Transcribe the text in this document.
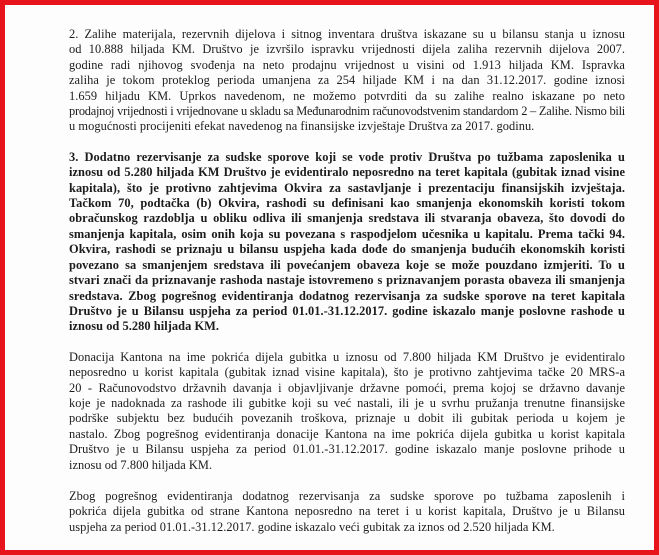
2. Zalihe materijala, rezervnih dijelova i sitnog inventara društva iskazane su u bilansu stanja u iznosu
od 10.888 hiljada KM. Društvo je izvršilo ispravku vrijednosti dijela zaliha rezervnih dijelova 2007.
godine radi njihovog svođenja na neto prodajnu vrijednost u visini od 1.913 hiljada KM. Ispravka
zaliha je tokom proteklog perioda umanjena za 254 hiljade KM i na dan 31.12.2017. godine iznosi
1.659 hiljadu KM. Uprkos navedenom, ne možemo potvrditi da su zalihe realno iskazane po neto
prodajnoj vrijednosti i vrijednovane u skladu sa Međunarodnim računovodstvenim standardom 2 – Zalihe. Nismo bili
u mogućnosti procijeniti efekat navedenog na finansijske izvještaje Društva za 2017. godinu.
3. Dodatno rezervisanje za sudske sporove koji se vode protiv Društva po tužbama zaposlenika u
iznosu od 5.280 hiljada KM Društvo je evidentiralo neposredno na teret kapitala (gubitak iznad visine
kapitala), što je protivno zahtjevima Okvira za sastavljanje i prezentaciju finansijskih izvještaja.
Tačkom 70, podtačka (b) Okvira, rashodi su definisani kao smanjenja ekonomskih koristi tokom
obračunskog razdoblja u obliku odliva ili smanjenja sredstava ili stvaranja obaveza, što dovodi do
smanjenja kapitala, osim onih koja su povezana s raspodjelom učesnika u kapitalu. Prema tački 94.
Okvira, rashodi se priznaju u bilansu uspjeha kada dođe do smanjenja budućih ekonomskih koristi
povezano sa smanjenjem sredstava ili povećanjem obaveza koje se može pouzdano izmjeriti. To u
stvari znači da priznavanje rashoda nastaje istovremeno s priznavanjem porasta obaveza ili smanjenja
sredstava. Zbog pogrešnog evidentiranja dodatnog rezervisanja za sudske sporove na teret kapitala
Društvo je u Bilansu uspjeha za period 01.01.-31.12.2017. godine iskazalo manje poslovne rashode u
iznosu od 5.280 hiljada KM.
Donacija Kantona na ime pokrića dijela gubitka u iznosu od 7.800 hiljada KM Društvo je evidentiralo
neposredno u korist kapitala (gubitak iznad visine kapitala), što je protivno zahtjevima tačke 20 MRS-a
20 - Računovodstvo državnih davanja i objavljivanje državne pomoći, prema kojoj se državno davanje
koje je nadoknada za rashode ili gubitke koji su već nastali, ili je u svrhu pružanja trenutne finansijske
podrške subjektu bez budućih povezanih troškova, priznaje u dobit ili gubitak perioda u kojem je
nastalo. Zbog pogrešnog evidentiranja donacije Kantona na ime pokrića dijela gubitka u korist kapitala
Društvo je u Bilansu uspjeha za period 01.01.-31.12.2017. godine iskazalo manje poslovne prihode u
iznosu od 7.800 hiljada KM.
Zbog pogrešnog evidentiranja dodatnog rezervisanja za sudske sporove po tužbama zaposlenih i
pokrića dijela gubitka od strane Kantona neposredno na teret i u korist kapitala, Društvo je u Bilansu
uspjeha za period 01.01.-31.12.2017. godine iskazalo veći gubitak za iznos od 2.520 hiljada KM.
